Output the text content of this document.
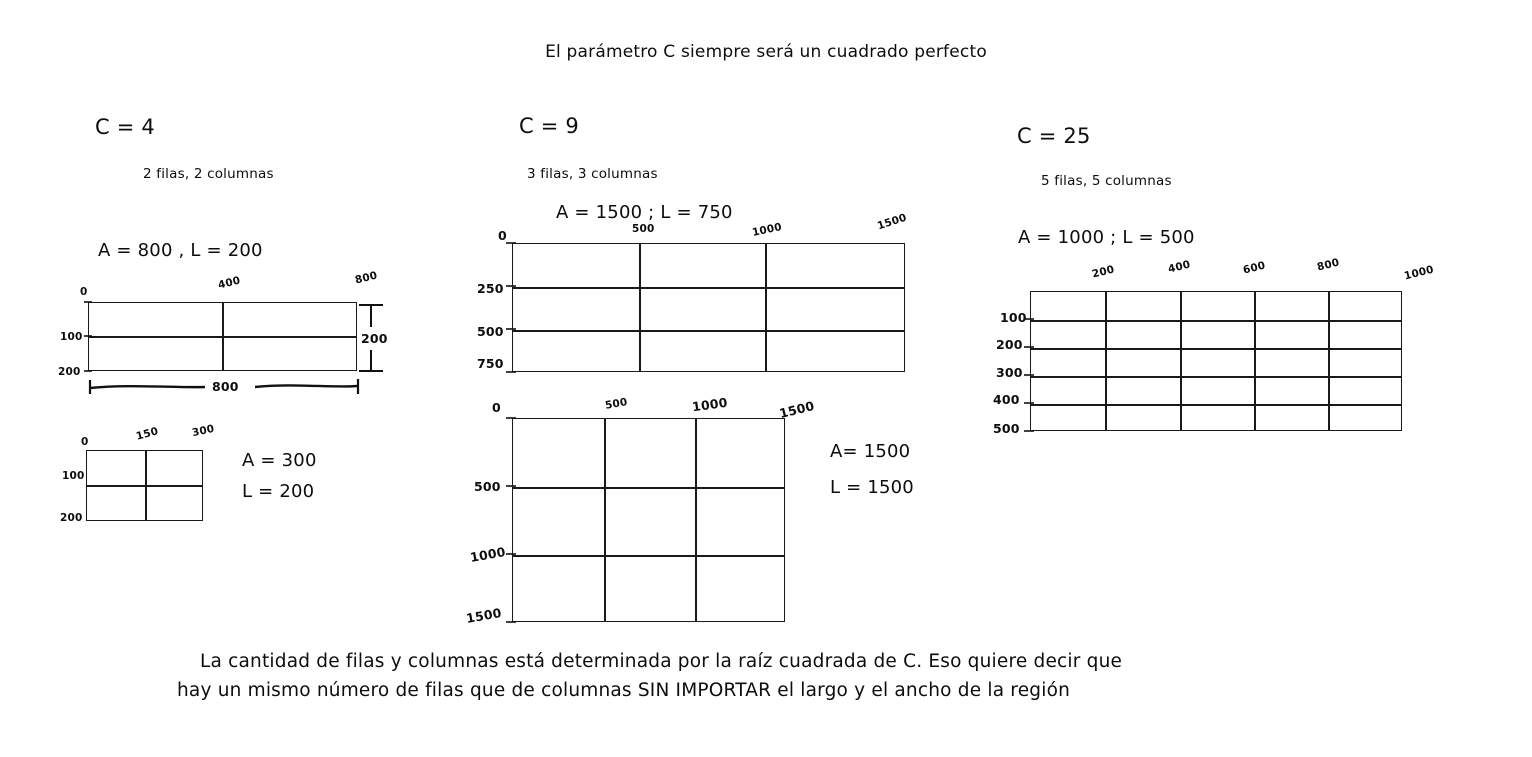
El parámetro C siempre será un cuadrado perfecto
C = 4
2 filas, 2 columnas
A = 800 , L = 200
0
400	800
100
200
800
200
0	150	300
100
200
A = 300
L = 200
C = 9
3 filas, 3 columnas
A = 1500 ; L = 750
0	500	1000	1500
250
500
750
0	500	1000	1500
500
1000
1500
A= 1500
L = 1500
C = 25
5 filas, 5 columnas
A = 1000 ; L = 500
200	400	600	800	1000
100
200
300
400
500
La cantidad de filas y columnas está determinada por la raíz cuadrada de C. Eso quiere decir que
hay un mismo número de filas que de columnas SIN IMPORTAR el largo y el ancho de la región
